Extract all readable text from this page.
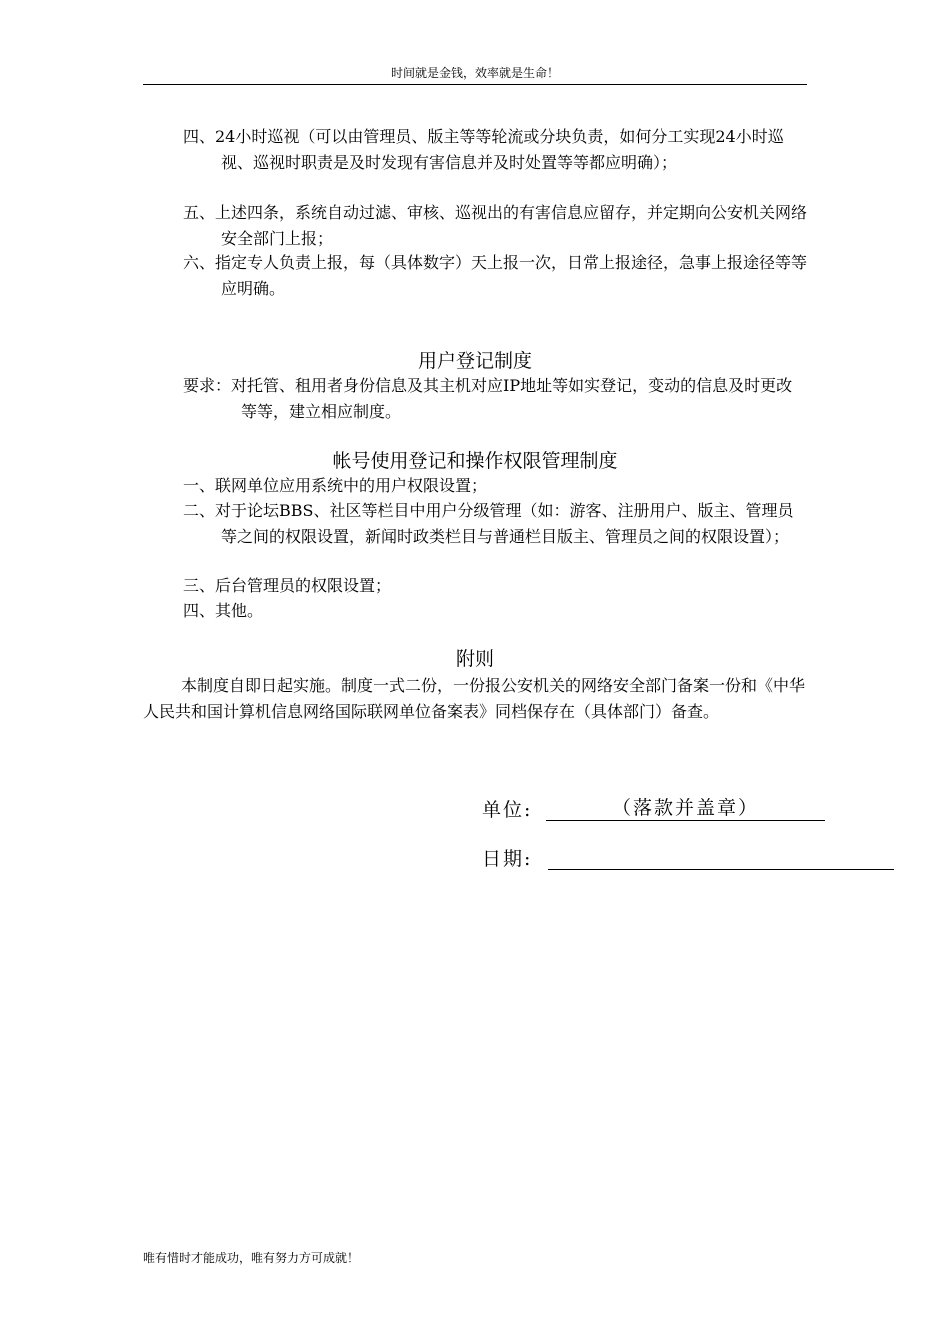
时间就是金钱，效率就是生命！
四、24小时巡视（可以由管理员、版主等等轮流或分块负责，如何分工实现24小时巡视、巡视时职责是及时发现有害信息并及时处置等等都应明确）；
五、上述四条，系统自动过滤、审核、巡视出的有害信息应留存，并定期向公安机关网络安全部门上报；
六、指定专人负责上报，每（具体数字）天上报一次，日常上报途径，急事上报途径等等应明确。
用户登记制度
要求：对托管、租用者身份信息及其主机对应IP地址等如实登记，变动的信息及时更改等等，建立相应制度。
帐号使用登记和操作权限管理制度
一、联网单位应用系统中的用户权限设置；
二、对于论坛BBS、社区等栏目中用户分级管理（如：游客、注册用户、版主、管理员等之间的权限设置，新闻时政类栏目与普通栏目版主、管理员之间的权限设置）；
三、后台管理员的权限设置；
四、其他。
附则
本制度自即日起实施。制度一式二份，一份报公安机关的网络安全部门备案一份和《中华人民共和国计算机信息网络国际联网单位备案表》同档保存在（具体部门）备查。
单位:	（落款并盖章）
日期:
唯有惜时才能成功，唯有努力方可成就！
